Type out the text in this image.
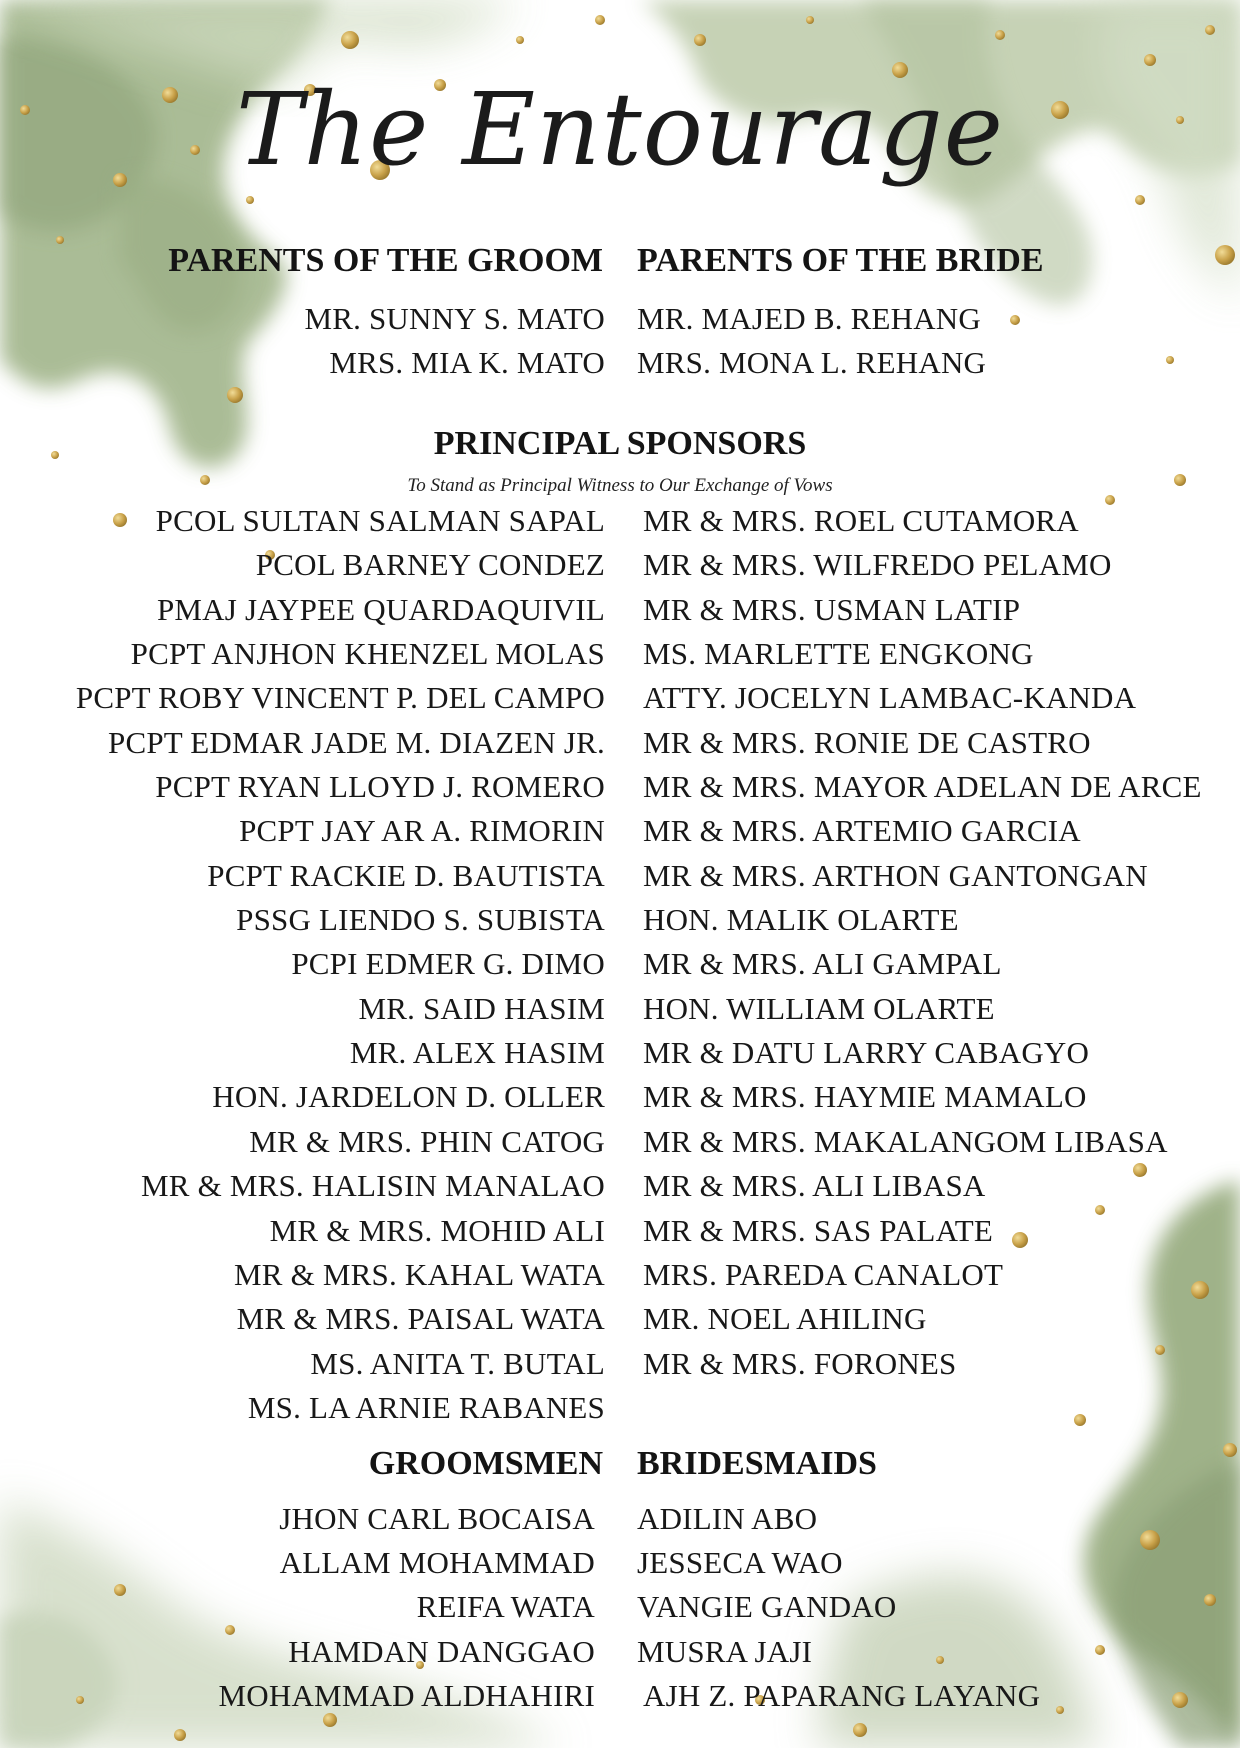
The Entourage
PARENTS OF THE GROOM PARENTS OF THE BRIDE
MR. SUNNY S. MATO
MRS. MIA K. MATO
MR. MAJED B. REHANG
MRS. MONA L. REHANG
PRINCIPAL SPONSORS
To Stand as Principal Witness to Our Exchange of Vows
PCOL SULTAN SALMAN SAPAL
PCOL BARNEY CONDEZ
PMAJ JAYPEE QUARDAQUIVIL
PCPT ANJHON KHENZEL MOLAS
PCPT ROBY VINCENT P. DEL CAMPO
PCPT EDMAR JADE M. DIAZEN JR.
PCPT RYAN LLOYD J. ROMERO
PCPT JAY AR A. RIMORIN
PCPT RACKIE D. BAUTISTA
PSSG LIENDO S. SUBISTA
PCPI EDMER G. DIMO
MR. SAID HASIM
MR. ALEX HASIM
HON. JARDELON D. OLLER
MR & MRS. PHIN CATOG
MR & MRS. HALISIN MANALAO
MR & MRS. MOHID ALI
MR & MRS. KAHAL WATA
MR & MRS. PAISAL WATA
MS. ANITA T. BUTAL
MS. LA ARNIE RABANES
MR & MRS. ROEL CUTAMORA
MR & MRS. WILFREDO PELAMO
MR & MRS. USMAN LATIP
MS. MARLETTE ENGKONG
ATTY. JOCELYN LAMBAC-KANDA
MR & MRS. RONIE DE CASTRO
MR & MRS. MAYOR ADELAN DE ARCE
MR & MRS. ARTEMIO GARCIA
MR & MRS. ARTHON GANTONGAN
HON. MALIK OLARTE
MR & MRS. ALI GAMPAL
HON. WILLIAM OLARTE
MR & DATU LARRY CABAGYO
MR & MRS. HAYMIE MAMALO
MR & MRS. MAKALANGOM LIBASA
MR & MRS. ALI LIBASA
MR & MRS. SAS PALATE
MRS. PAREDA CANALOT
MR. NOEL AHILING
MR & MRS. FORONES
GROOMSMEN BRIDESMAIDS
JHON CARL BOCAISA
ALLAM MOHAMMAD
REIFA WATA
HAMDAN DANGGAO
MOHAMMAD ALDHAHIRI
ADILIN ABO
JESSECA WAO
VANGIE GANDAO
MUSRA JAJI
AJH Z. PAPARANG LAYANG
